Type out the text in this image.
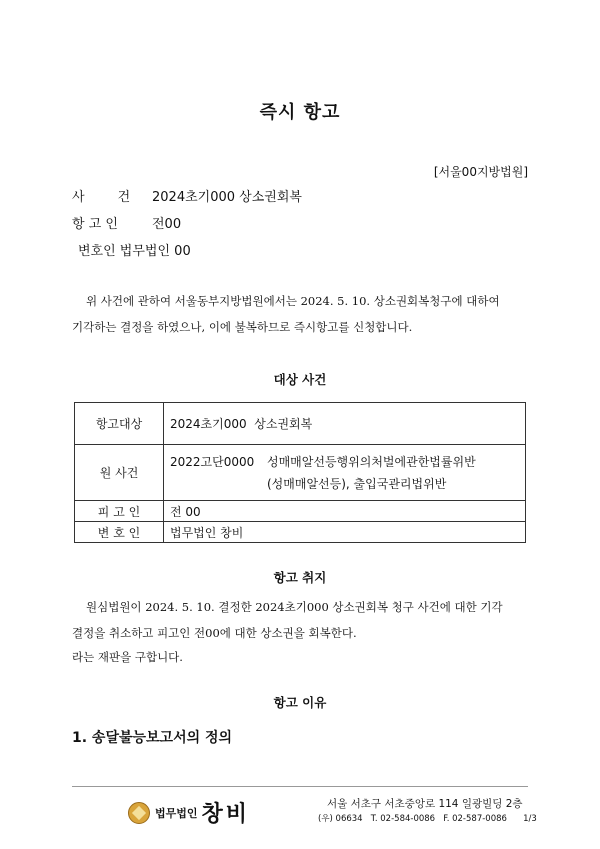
즉시 항고
[서울00지방법원]
사        건 2024초기000 상소권회복
항 고 인	전00
변호인 법무법인 00
위 사건에 관하여 서울동부지방법원에서는 2024. 5. 10. 상소권회복청구에 대하여
기각하는 결정을 하였으나, 이에 불복하므로 즉시항고를 신청합니다.
대상 사건
항고대상	2024초기000  상소권회복
원 사건	2022고단0000 성매매알선등행위의처벌에관한법률위반
(성매매알선등), 출입국관리법위반

피 고 인	전 00
변 호 인	법무법인 창비
항고 취지
원심법원이 2024. 5. 10. 결정한 2024초기000 상소권회복 청구 사건에 대한 기각
결정을 취소하고 피고인 전00에 대한 상소권을 회복한다.
라는 재판을 구합니다.
항고 이유
1. 송달불능보고서의 정의
법무법인 창비	서울 서초구 서초중앙로 114 일광빌딩 2층
(우) 06634   T. 02-584-0086   F. 02-587-0086      1/3
